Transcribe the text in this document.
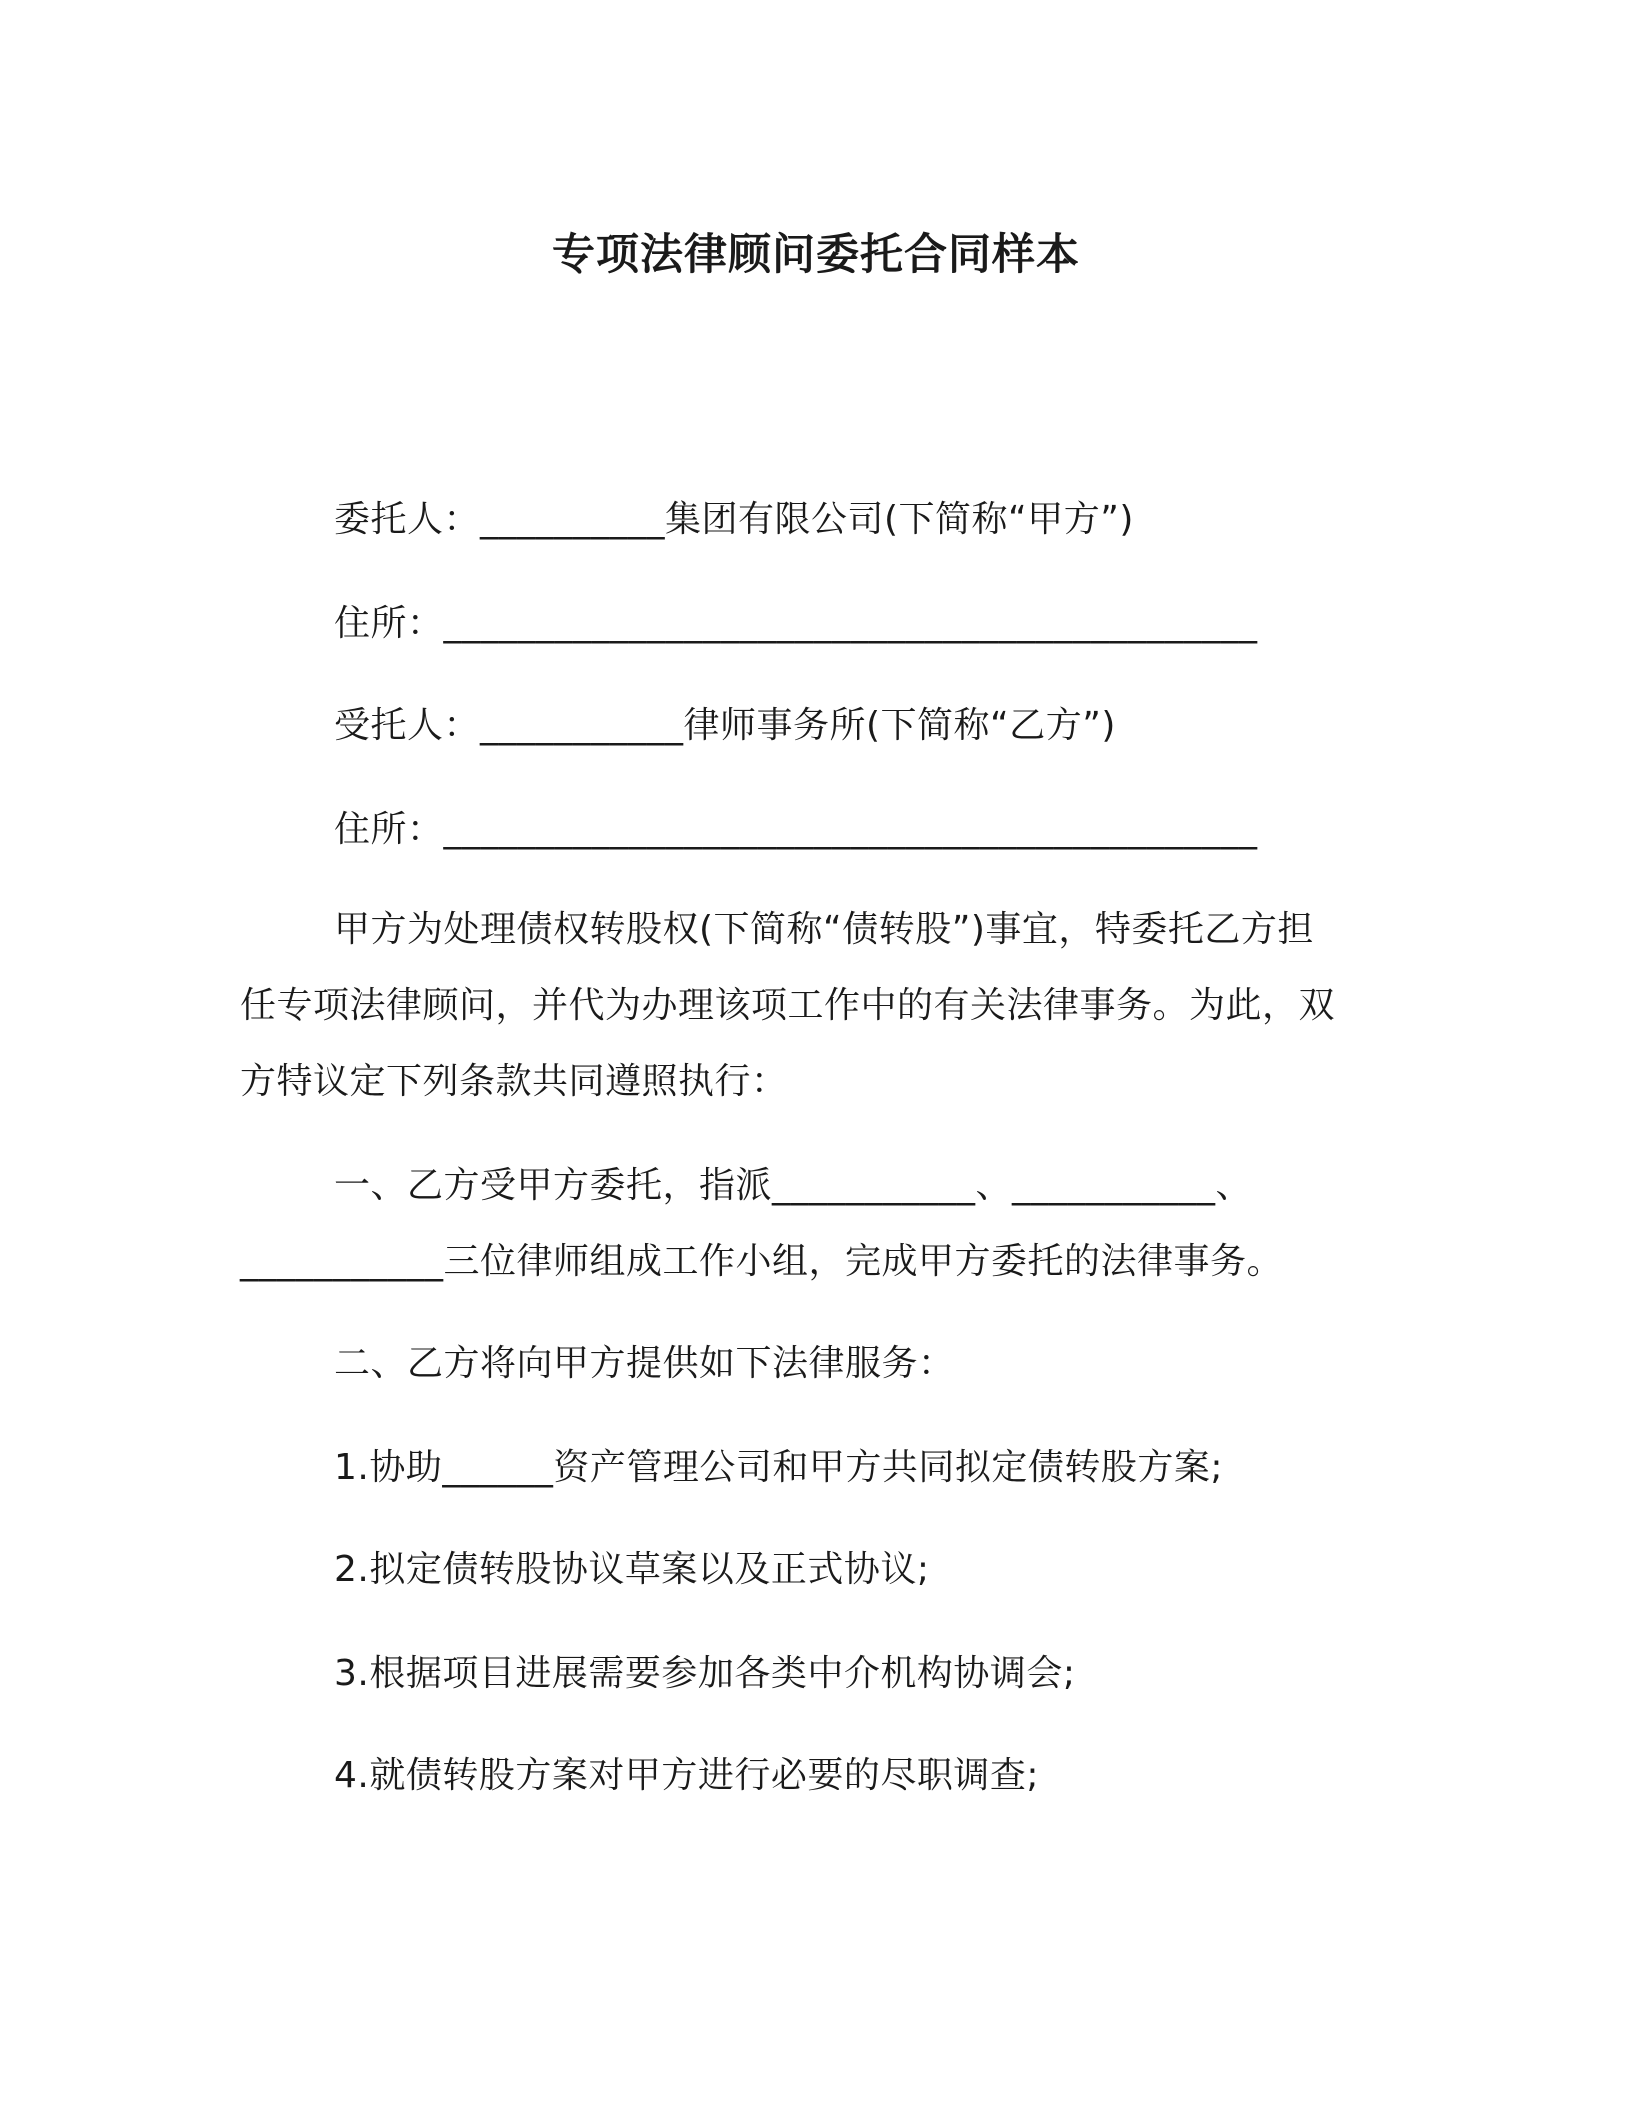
专项法律顾问委托合同样本
委托人：__________集团有限公司(下简称“甲方”)
住所：____________________________________________
受托人：___________律师事务所(下简称“乙方”)
住所：____________________________________________
甲方为处理债权转股权(下简称“债转股”)事宜，特委托乙方担
任专项法律顾问，并代为办理该项工作中的有关法律事务。为此，双
方特议定下列条款共同遵照执行：
一、乙方受甲方委托，指派___________、___________、
___________三位律师组成工作小组，完成甲方委托的法律事务。
二、乙方将向甲方提供如下法律服务：
1.协助______资产管理公司和甲方共同拟定债转股方案;
2.拟定债转股协议草案以及正式协议;
3.根据项目进展需要参加各类中介机构协调会;
4.就债转股方案对甲方进行必要的尽职调查;
